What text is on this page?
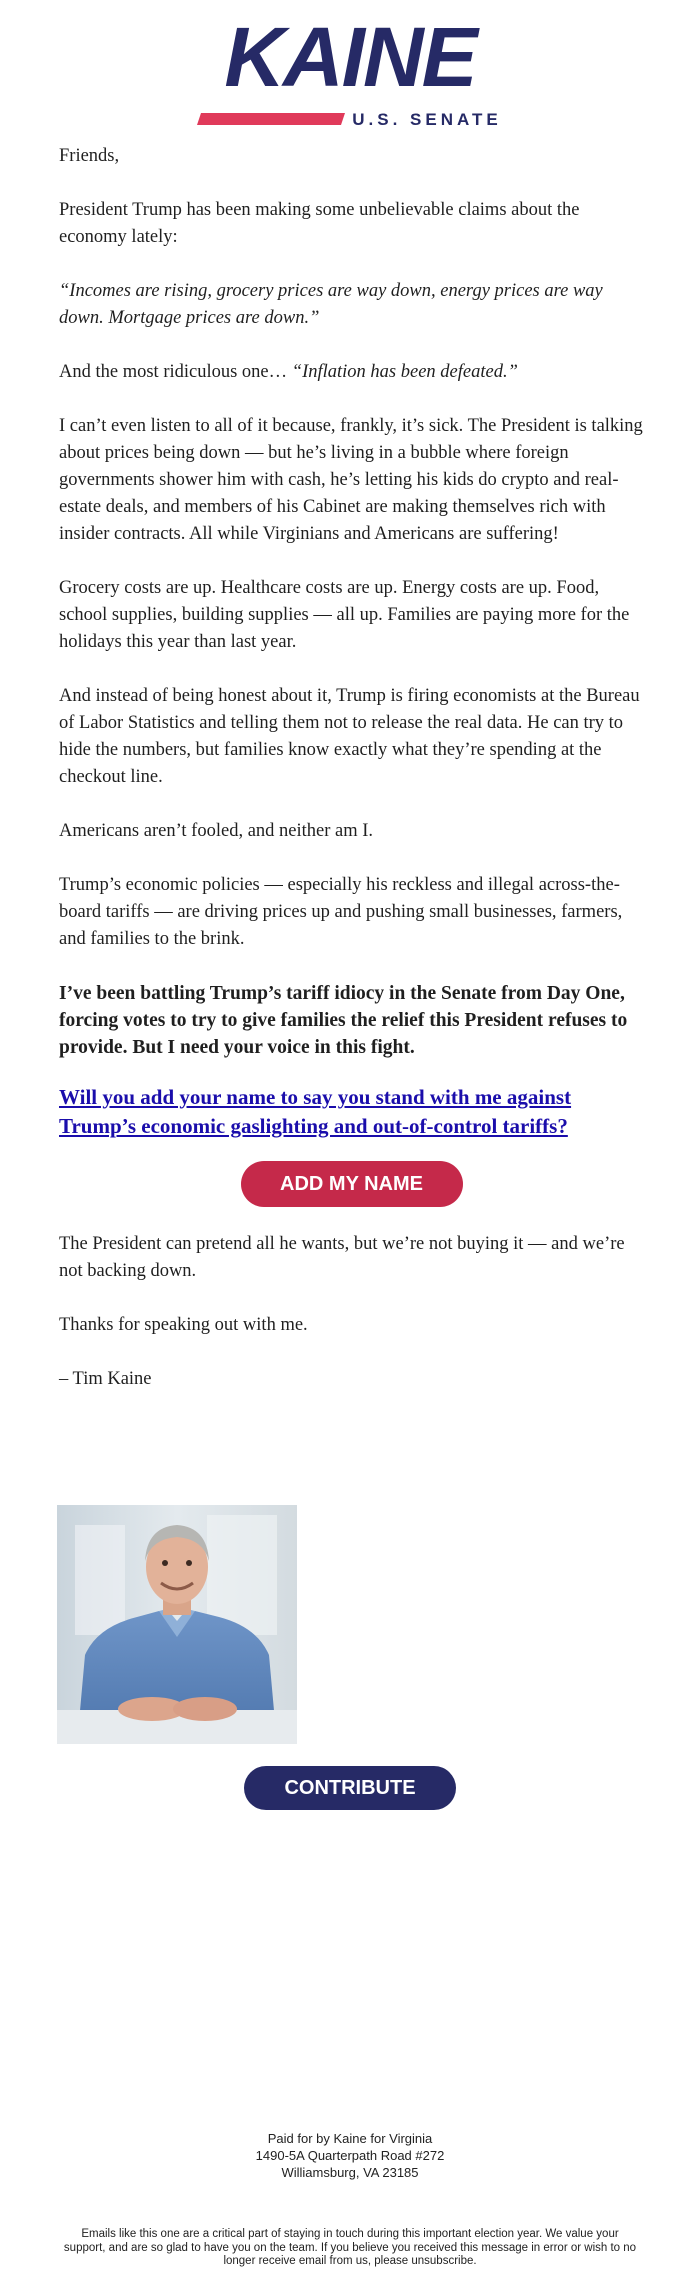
KAINE
U.S. SENATE

Friends,

President Trump has been making some unbelievable claims about the economy lately:

“Incomes are rising, grocery prices are way down, energy prices are way down. Mortgage prices are down.”

And the most ridiculous one… “Inflation has been defeated.”

I can’t even listen to all of it because, frankly, it’s sick. The President is talking about prices being down — but he’s living in a bubble where foreign governments shower him with cash, he’s letting his kids do crypto and real-estate deals, and members of his Cabinet are making themselves rich with insider contracts. All while Virginians and Americans are suffering!

Grocery costs are up. Healthcare costs are up. Energy costs are up. Food, school supplies, building supplies — all up. Families are paying more for the holidays this year than last year.

And instead of being honest about it, Trump is firing economists at the Bureau of Labor Statistics and telling them not to release the real data. He can try to hide the numbers, but families know exactly what they’re spending at the checkout line.

Americans aren’t fooled, and neither am I.

Trump’s economic policies — especially his reckless and illegal across-the-board tariffs — are driving prices up and pushing small businesses, farmers, and families to the brink.

I’ve been battling Trump’s tariff idiocy in the Senate from Day One, forcing votes to try to give families the relief this President refuses to provide. But I need your voice in this fight.

Will you add your name to say you stand with me against Trump’s economic gaslighting and out-of-control tariffs?
ADD MY NAME

The President can pretend all he wants, but we’re not buying it — and we’re not backing down.

Thanks for speaking out with me.

– Tim Kaine

CONTRIBUTE
Paid for by Kaine for Virginia
1490-5A Quarterpath Road #272
Williamsburg, VA 23185
Emails like this one are a critical part of staying in touch during this important election year. We value your support, and are so glad to have you on the team. If you believe you received this message in error or wish to no longer receive email from us, please unsubscribe.
